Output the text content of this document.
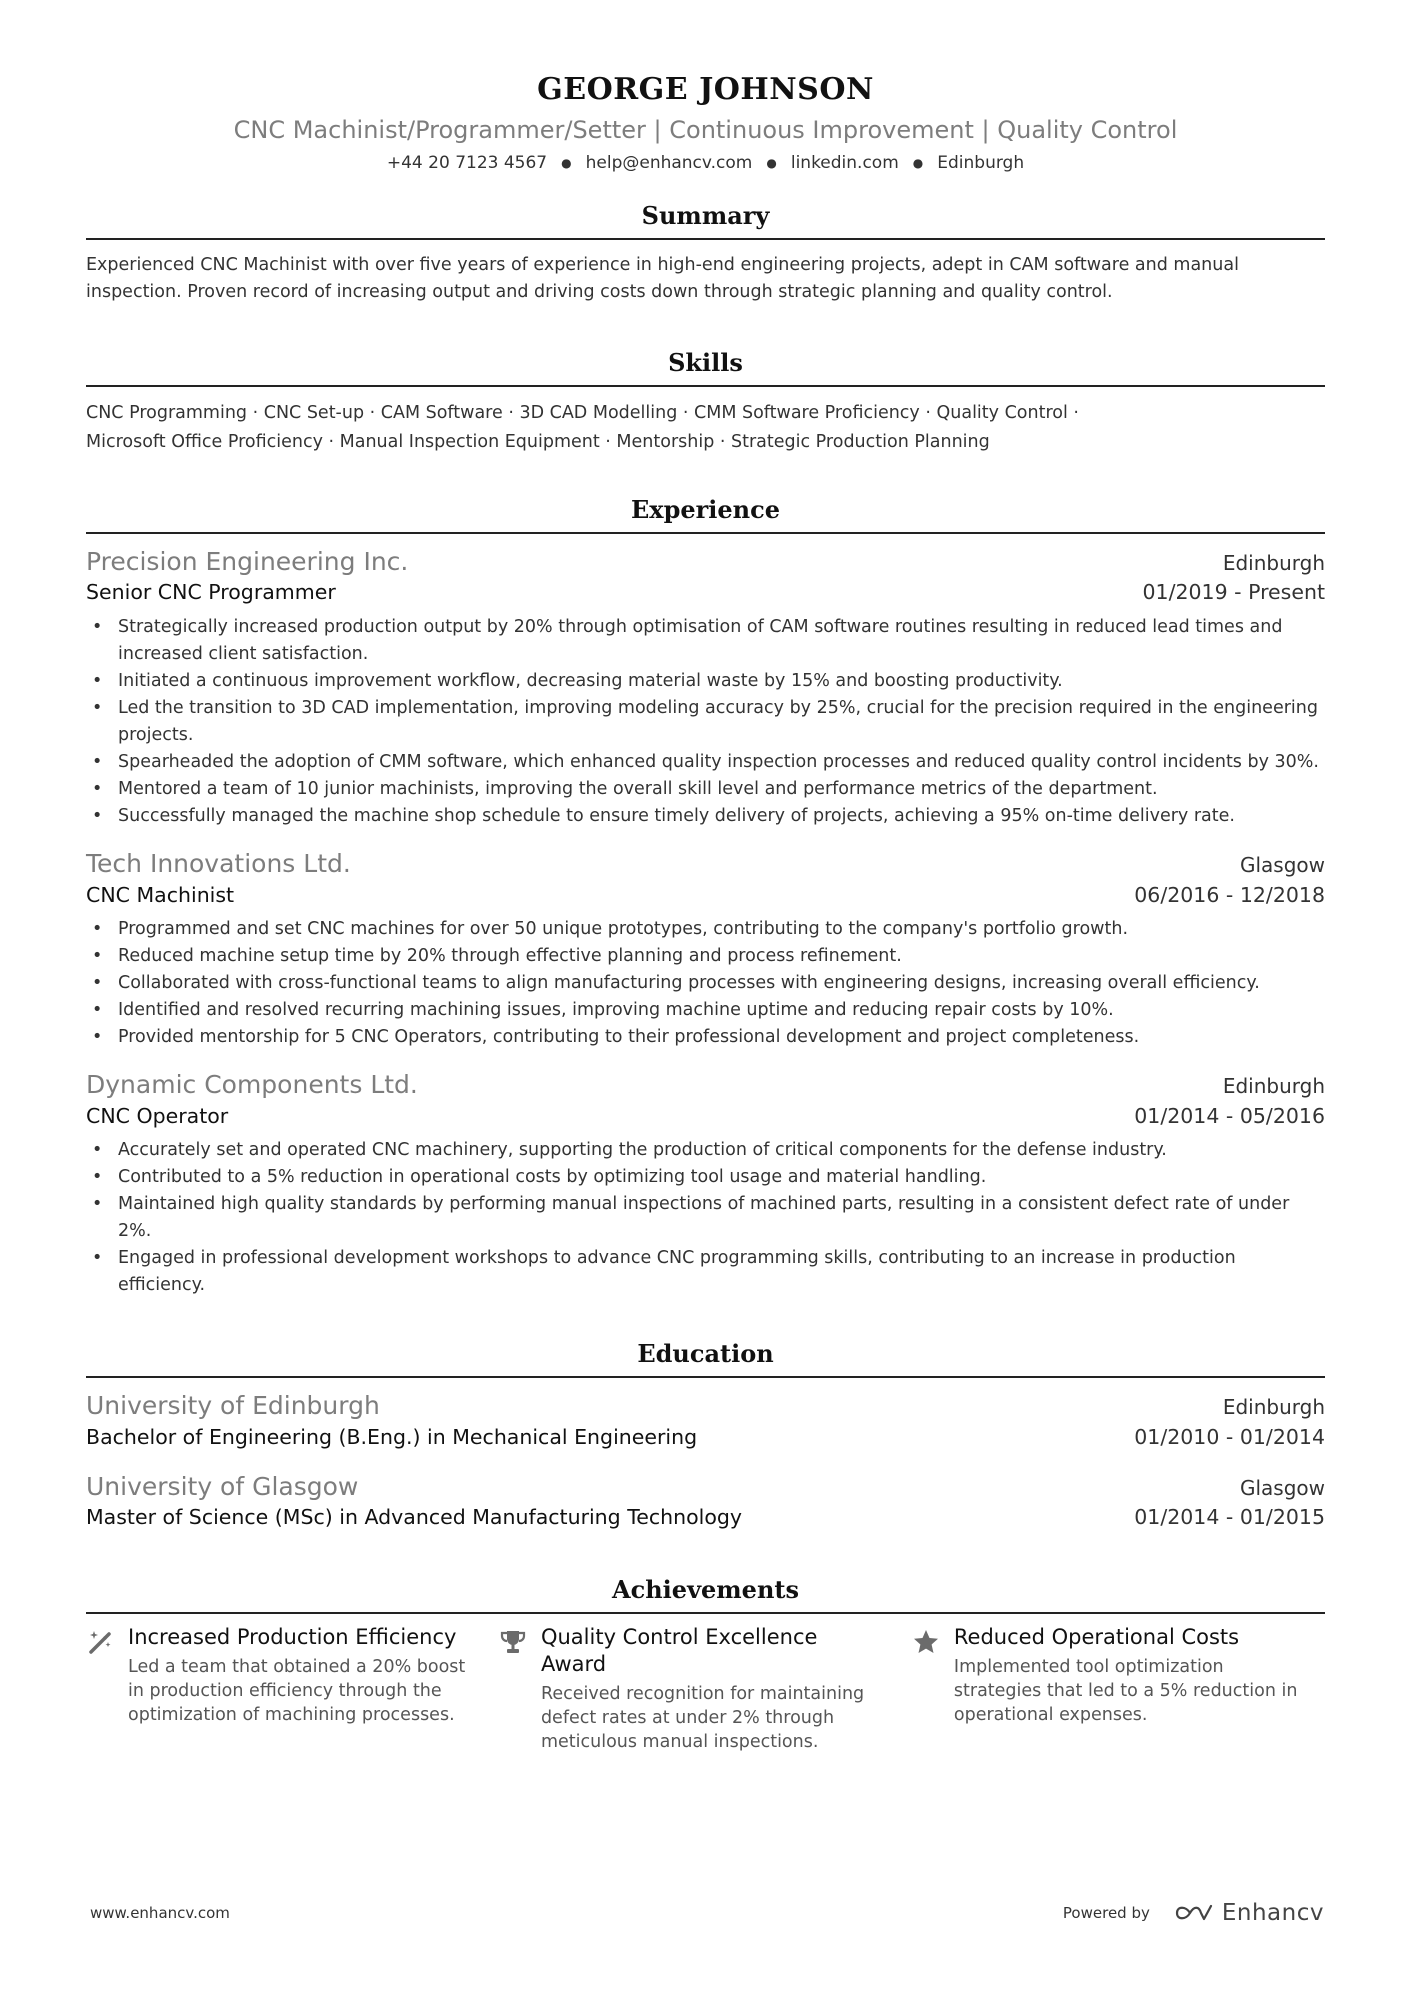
GEORGE JOHNSON
CNC Machinist/Programmer/Setter | Continuous Improvement | Quality Control
+44 20 7123 4567 ● help@enhancv.com ● linkedin.com ● Edinburgh
Summary
Experienced CNC Machinist with over five years of experience in high-end engineering projects, adept in CAM software and manual inspection. Proven record of increasing output and driving costs down through strategic planning and quality control.
Skills
CNC Programming · CNC Set-up · CAM Software · 3D CAD Modelling · CMM Software Proficiency · Quality Control ·
Microsoft Office Proficiency · Manual Inspection Equipment · Mentorship · Strategic Production Planning
Experience
Precision Engineering Inc.	Edinburgh
Senior CNC Programmer	01/2019 - Present
• Strategically increased production output by 20% through optimisation of CAM software routines resulting in reduced lead times and increased client satisfaction.
• Initiated a continuous improvement workflow, decreasing material waste by 15% and boosting productivity.
• Led the transition to 3D CAD implementation, improving modeling accuracy by 25%, crucial for the precision required in the engineering projects.
• Spearheaded the adoption of CMM software, which enhanced quality inspection processes and reduced quality control incidents by 30%.
• Mentored a team of 10 junior machinists, improving the overall skill level and performance metrics of the department.
• Successfully managed the machine shop schedule to ensure timely delivery of projects, achieving a 95% on-time delivery rate.
Tech Innovations Ltd.	Glasgow
CNC Machinist	06/2016 - 12/2018
• Programmed and set CNC machines for over 50 unique prototypes, contributing to the company's portfolio growth.
• Reduced machine setup time by 20% through effective planning and process refinement.
• Collaborated with cross-functional teams to align manufacturing processes with engineering designs, increasing overall efficiency.
• Identified and resolved recurring machining issues, improving machine uptime and reducing repair costs by 10%.
• Provided mentorship for 5 CNC Operators, contributing to their professional development and project completeness.
Dynamic Components Ltd.	Edinburgh
CNC Operator	01/2014 - 05/2016
• Accurately set and operated CNC machinery, supporting the production of critical components for the defense industry.
• Contributed to a 5% reduction in operational costs by optimizing tool usage and material handling.
• Maintained high quality standards by performing manual inspections of machined parts, resulting in a consistent defect rate of under 2%.
• Engaged in professional development workshops to advance CNC programming skills, contributing to an increase in production efficiency.
Education
University of Edinburgh	Edinburgh
Bachelor of Engineering (B.Eng.) in Mechanical Engineering	01/2010 - 01/2014
University of Glasgow	Glasgow
Master of Science (MSc) in Advanced Manufacturing Technology	01/2014 - 01/2015
Achievements
Increased Production Efficiency
Led a team that obtained a 20% boost in production efficiency through the optimization of machining processes.
Quality Control Excellence Award
Received recognition for maintaining defect rates at under 2% through meticulous manual inspections.
Reduced Operational Costs
Implemented tool optimization strategies that led to a 5% reduction in operational expenses.
www.enhancv.com	Powered by	Enhancv
